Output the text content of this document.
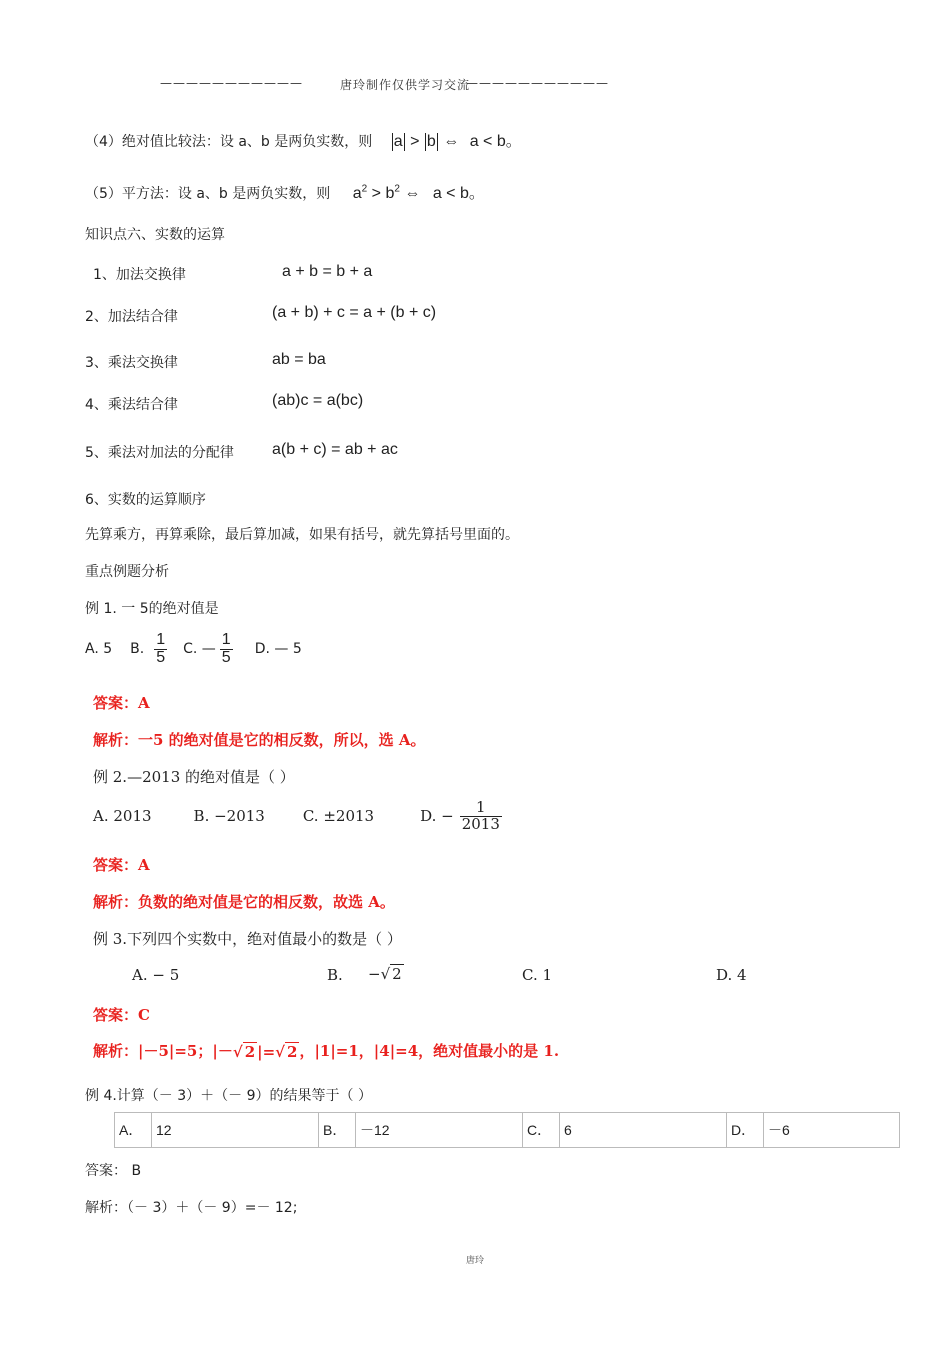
———————————	唐玲制作仅供学习交流
———————————
（4）绝对值比较法：设 a、b 是两负实数，则 a > b ⇔ a < b。
（5）平方法：设 a、b 是两负实数，则 $a^2 > b^2$ ⇔ a < b。
知识点六、实数的运算
1、加法交换律	a + b = b + a
2、加法结合律	(a + b) + c = a + (b + c)
3、乘法交换律	ab = ba
4、乘法结合律	(ab)c = a(bc)
5、乘法对加法的分配律 a(b + c) = ab + ac
6、实数的运算顺序
先算乘方，再算乘除，最后算加减，如果有括号，就先算括号里面的。
重点例题分析
例 1. 一 5的绝对值是
A. 5 B. $\frac{1}{5} C$. — $\frac{1}{5} D$. — 5
答案：A
解析：一5 的绝对值是它的相反数，所以，选 A。
例 2.—2013 的绝对值是（ ）
A. 2013	B. −2013	C. ±2013	D. − $\frac{1}{2013}$
答案：A
解析：负数的绝对值是它的相反数，故选 A。
例 3.下列四个实数中，绝对值最小的数是（ ）
A. − 5	B. − √ 2	C. 1	D. 4
答案：C
解析：|－5|=5；|－ √ 2 |= √ 2 ，|1|=1，|4|=4，绝对值最小的是 1.
例 4.计算（－ 3）＋（－ 9）的结果等于（ ）
A．	12	B．	－12	C．	6	D．	－6
答案： B
解析：（－ 3）＋（－ 9）=－ 12;
唐玲
